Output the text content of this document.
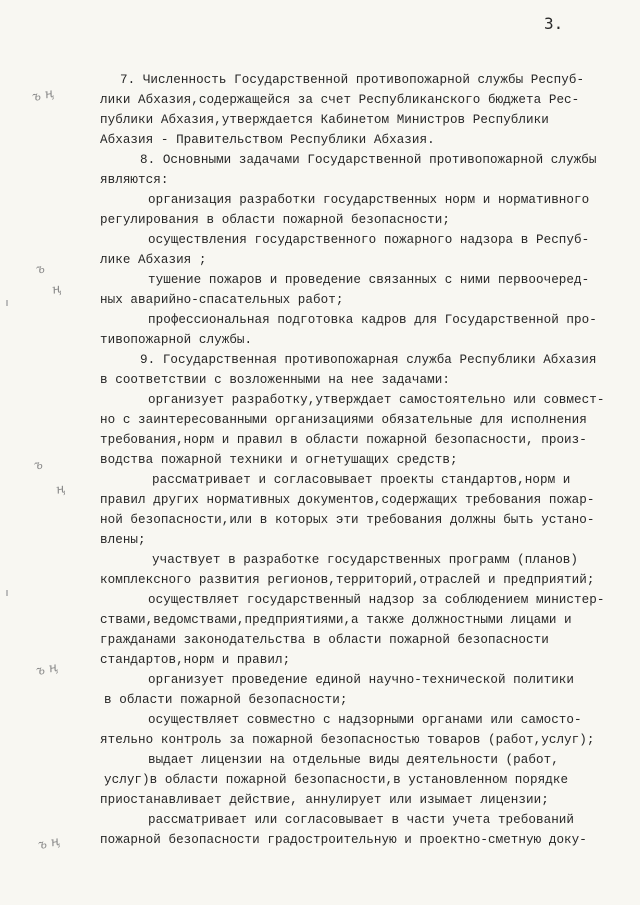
ъ ң
ъ
ң
ъ
ң
ъ ң
ъ ң
3.
7. Численность Государственной противопожарной службы Респуб-
лики Абхазия,содержащейся за счет Республиканского бюджета Рес-
публики Абхазия,утверждается Кабинетом Министров Республики
Абхазия - Правительством Республики Абхазия.
8. Основными задачами Государственной противопожарной службы
являются:
организация разработки государственных норм и нормативного
регулирования в области пожарной безопасности;
осуществления государственного пожарного надзора в Респуб-
лике Абхазия ;
тушение пожаров и проведение связанных с ними первоочеред-
ных аварийно-спасательных работ;
профессиональная подготовка кадров для Государственной про-
тивопожарной службы.
9. Государственная противопожарная служба Республики Абхазия
в соответствии с возложенными на нее задачами:
организует разработку,утверждает самостоятельно или совмест-
но с заинтересованными организациями обязательные для исполнения
требования,норм и правил в области пожарной безопасности, произ-
водства пожарной техники и огнетушащих средств;
рассматривает и согласовывает проекты стандартов,норм и
правил других нормативных документов,содержащих требования пожар-
ной безопасности,или в которых эти требования должны быть устано-
влены;
участвует в разработке государственных программ (планов)
комплексного развития регионов,территорий,отраслей и предприятий;
осуществляет государственный надзор за соблюдением министер-
ствами,ведомствами,предприятиями,а также должностными лицами и
гражданами законодательства в области пожарной безопасности
стандартов,норм и правил;
организует проведение единой научно-технической политики
в области пожарной безопасности;
осуществляет совместно с надзорными органами или самосто-
ятельно контроль за пожарной безопасностью товаров (работ,услуг);
выдает лицензии на отдельные виды деятельности (работ,
услуг)в области пожарной безопасности,в установленном порядке
приостанавливает действие, аннулирует или изымает лицензии;
рассматривает или согласовывает в части учета требований
пожарной безопасности градостроительную и проектно-сметную доку-
